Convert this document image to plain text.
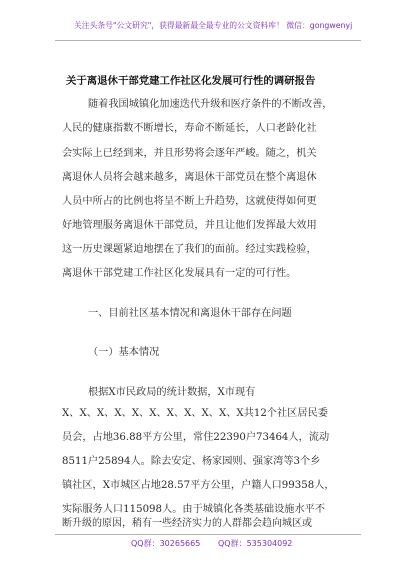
关注头条号"公文研究"，获得最新最全最专业的公文资料库！ 微信：gongwenyj
关于离退休干部党建工作社区化发展可行性的调研报告
随着我国城镇化加速迭代升级和医疗条件的不断改善，
人民的健康指数不断增长，寿命不断延长，人口老龄化社
会实际上已经到来，并且形势将会逐年严峻。随之，机关
离退休人员将会越来越多，离退休干部党员在整个离退休
人员中所占的比例也将呈不断上升趋势，这就使得如何更
好地管理服务离退休干部党员，并且让他们发挥最大效用
这一历史课题紧迫地摆在了我们的面前。经过实践检验，
离退休干部党建工作社区化发展具有一定的可行性。
一、目前社区基本情况和离退休干部存在问题
（一）基本情况
根据X市民政局的统计数据，X市现有
X、X、X、X、X、X、X、X、X、X、X共12个社区居民委
员会，占地36.88平方公里，常住22390户73464人，流动
8511户25894人。除去安定、杨家园则、强家湾等3个乡
镇社区，X市城区占地28.57平方公里，户籍人口99358人，
实际服务人口115098人。由于城镇化各类基础设施水平不
QQ群：30265665 QQ群：535304092
断升级的原因，稍有一些经济实力的人群都会趋向城区或
